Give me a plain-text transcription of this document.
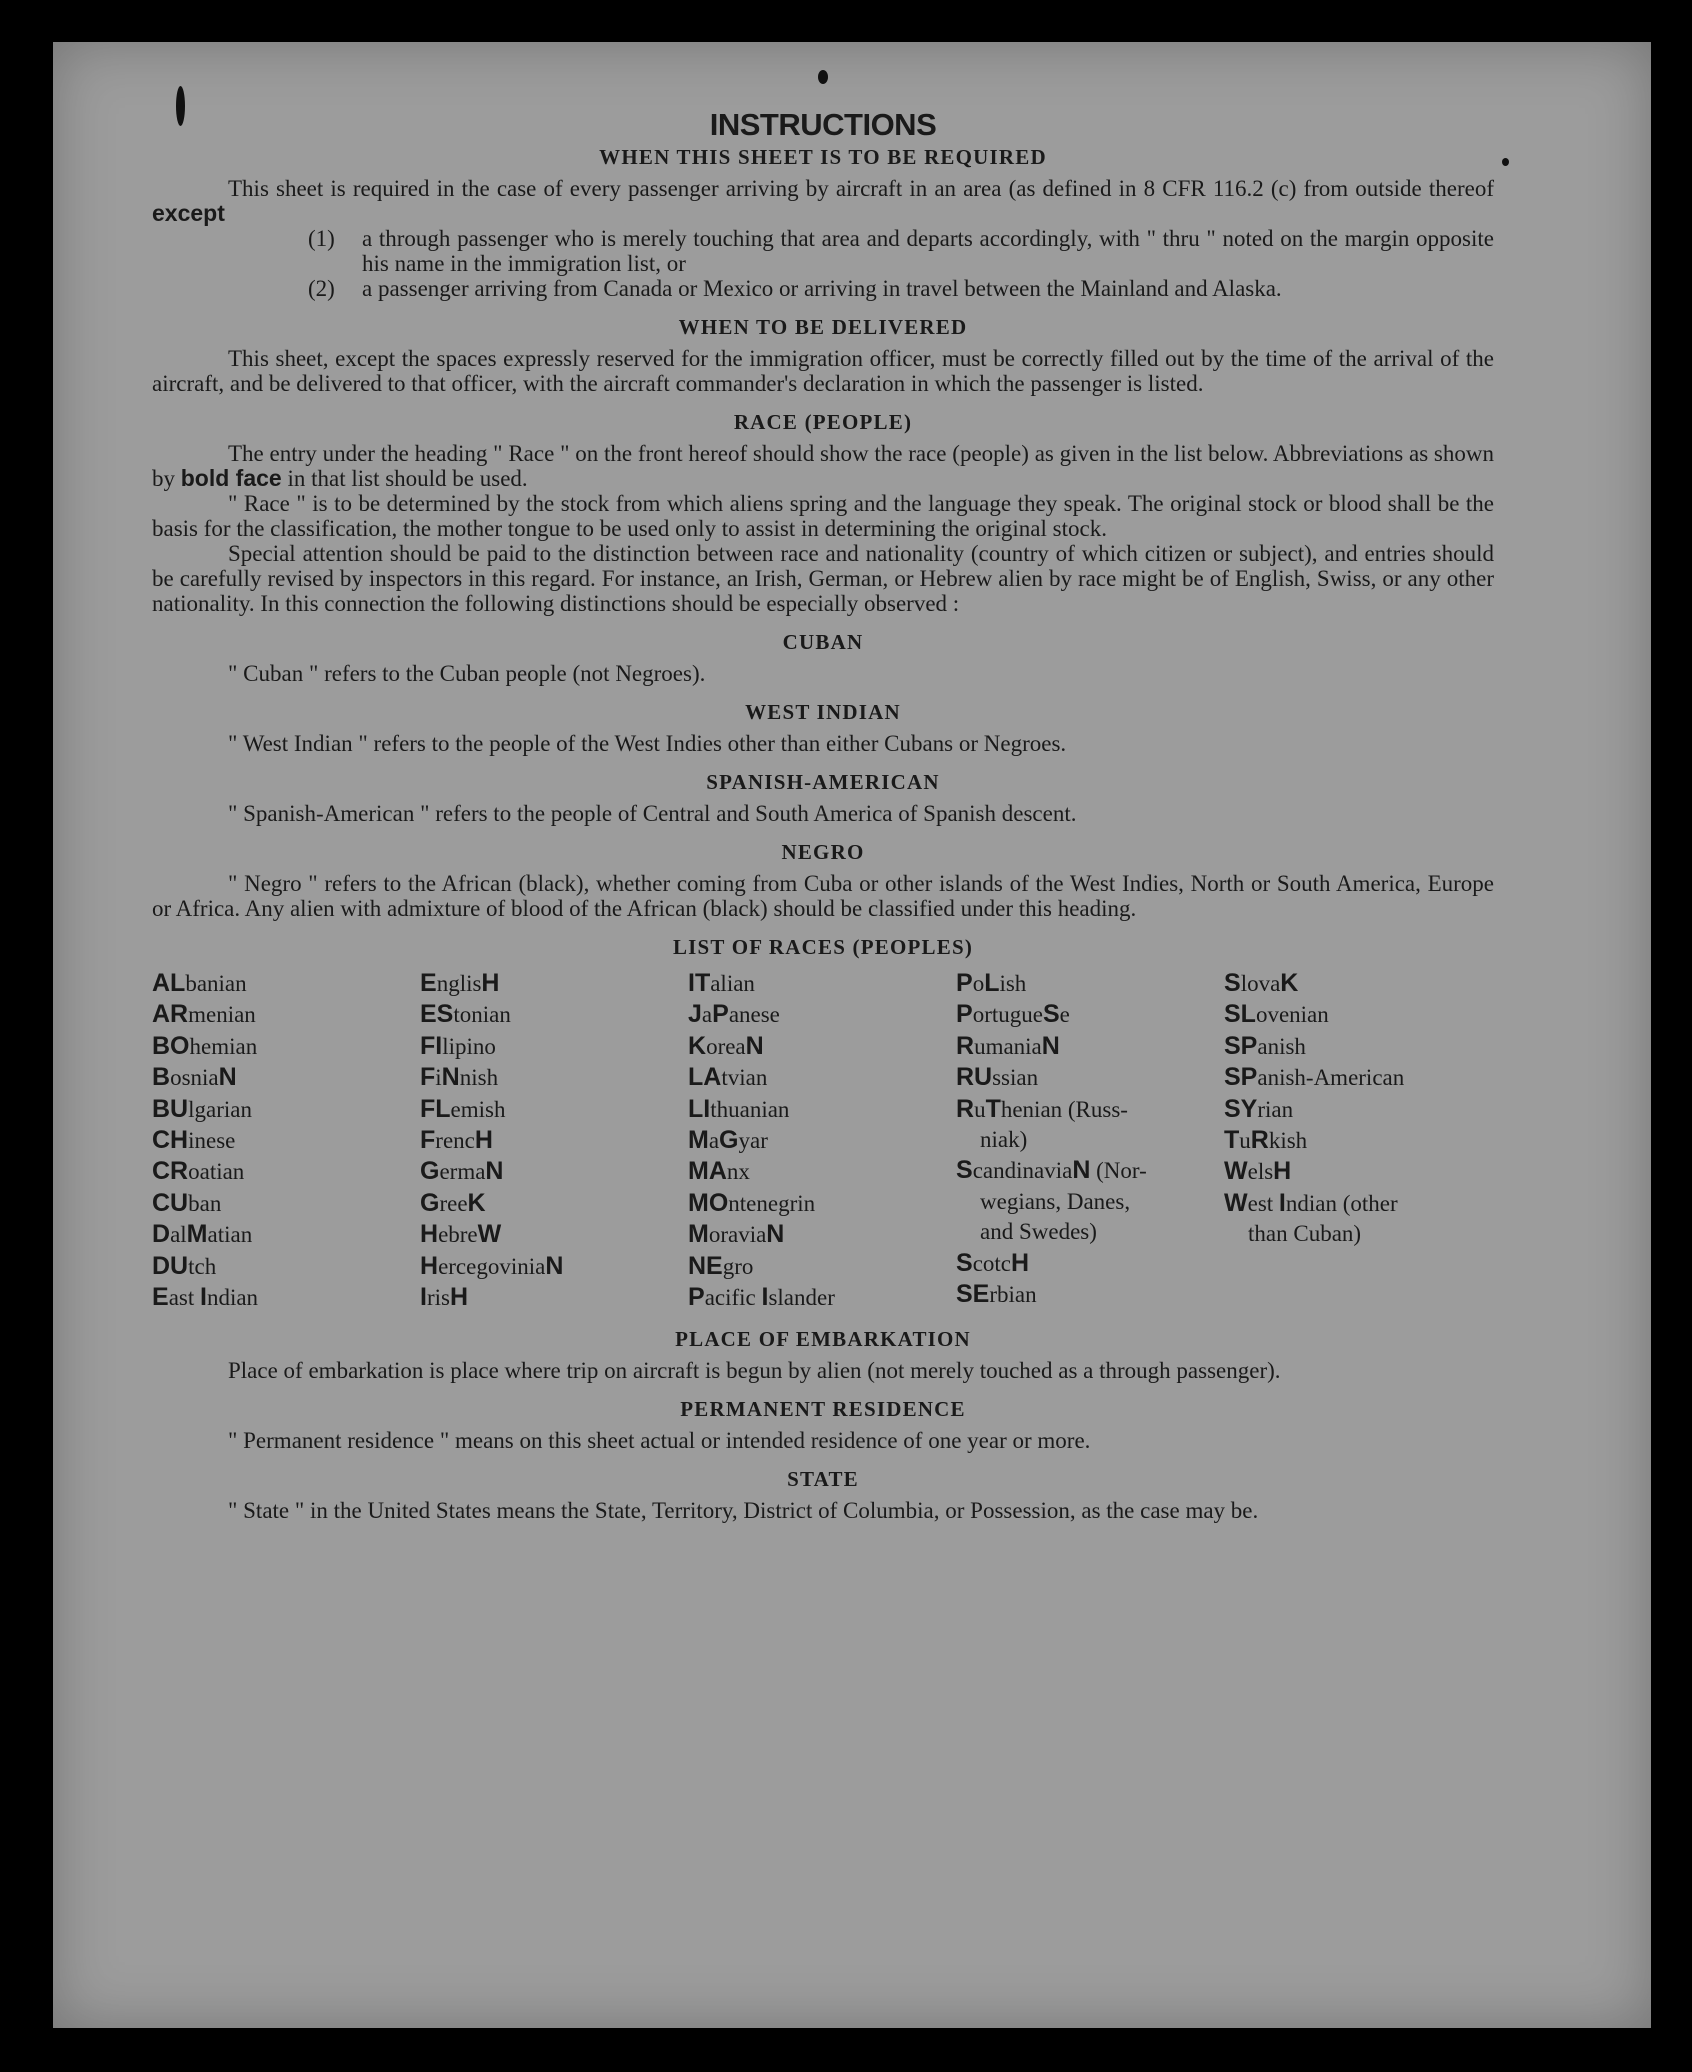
INSTRUCTIONS
WHEN THIS SHEET IS TO BE REQUIRED

This sheet is required in the case of every passenger arriving by aircraft in an area (as defined in 8 CFR 116.2 (c) from outside thereof except

(1)	a through passenger who is merely touching that area and departs accordingly, with " thru " noted on the margin opposite his name in the immigration list, or
(2)	a passenger arriving from Canada or Mexico or arriving in travel between the Mainland and Alaska.
WHEN TO BE DELIVERED

This sheet, except the spaces expressly reserved for the immigration officer, must be correctly filled out by the time of the arrival of the aircraft, and be delivered to that officer, with the aircraft commander's declaration in which the passenger is listed.

RACE (PEOPLE)

The entry under the heading " Race " on the front hereof should show the race (people) as given in the list below. Abbreviations as shown by bold face in that list should be used.

" Race " is to be determined by the stock from which aliens spring and the language they speak. The original stock or blood shall be the basis for the classification, the mother tongue to be used only to assist in determining the original stock.

Special attention should be paid to the distinction between race and nationality (country of which citizen or subject), and entries should be carefully revised by inspectors in this regard. For instance, an Irish, German, or Hebrew alien by race might be of English, Swiss, or any other nationality. In this connection the following distinctions should be especially observed :

CUBAN

" Cuban " refers to the Cuban people (not Negroes).

WEST INDIAN

" West Indian " refers to the people of the West Indies other than either Cubans or Negroes.

SPANISH-AMERICAN

" Spanish-American " refers to the people of Central and South America of Spanish descent.

NEGRO

" Negro " refers to the African (black), whether coming from Cuba or other islands of the West Indies, North or South America, Europe or Africa. Any alien with admixture of blood of the African (black) should be classified under this heading.

LIST OF RACES (PEOPLES)
ALbanian
ARmenian
BOhemian
BosniaN
BUlgarian
CHinese
CRoatian
CUban
DalMatian
DUtch
East Indian
EnglisH
EStonian
FIlipino
FiNnish
FLemish
FrencH
GermaN
GreeK
HebreW
HercegoviniaN
IrisH
ITalian
JaPanese
KoreaN
LAtvian
LIthuanian
MaGyar
MAnx
MOntenegrin
MoraviaN
NEgro
Pacific Islander
PoLish
PortugueSe
RumaniaN
RUssian
RuThenian (Russ-
niak)
ScandinaviaN (Nor-
wegians, Danes,
and Swedes)
ScotcH
SErbian
SlovaK
SLovenian
SPanish
SPanish-American
SYrian
TuRkish
WelsH
West Indian (other
than Cuban)
PLACE OF EMBARKATION

Place of embarkation is place where trip on aircraft is begun by alien (not merely touched as a through passenger).

PERMANENT RESIDENCE

" Permanent residence " means on this sheet actual or intended residence of one year or more.

STATE

" State " in the United States means the State, Territory, District of Columbia, or Possession, as the case may be.
